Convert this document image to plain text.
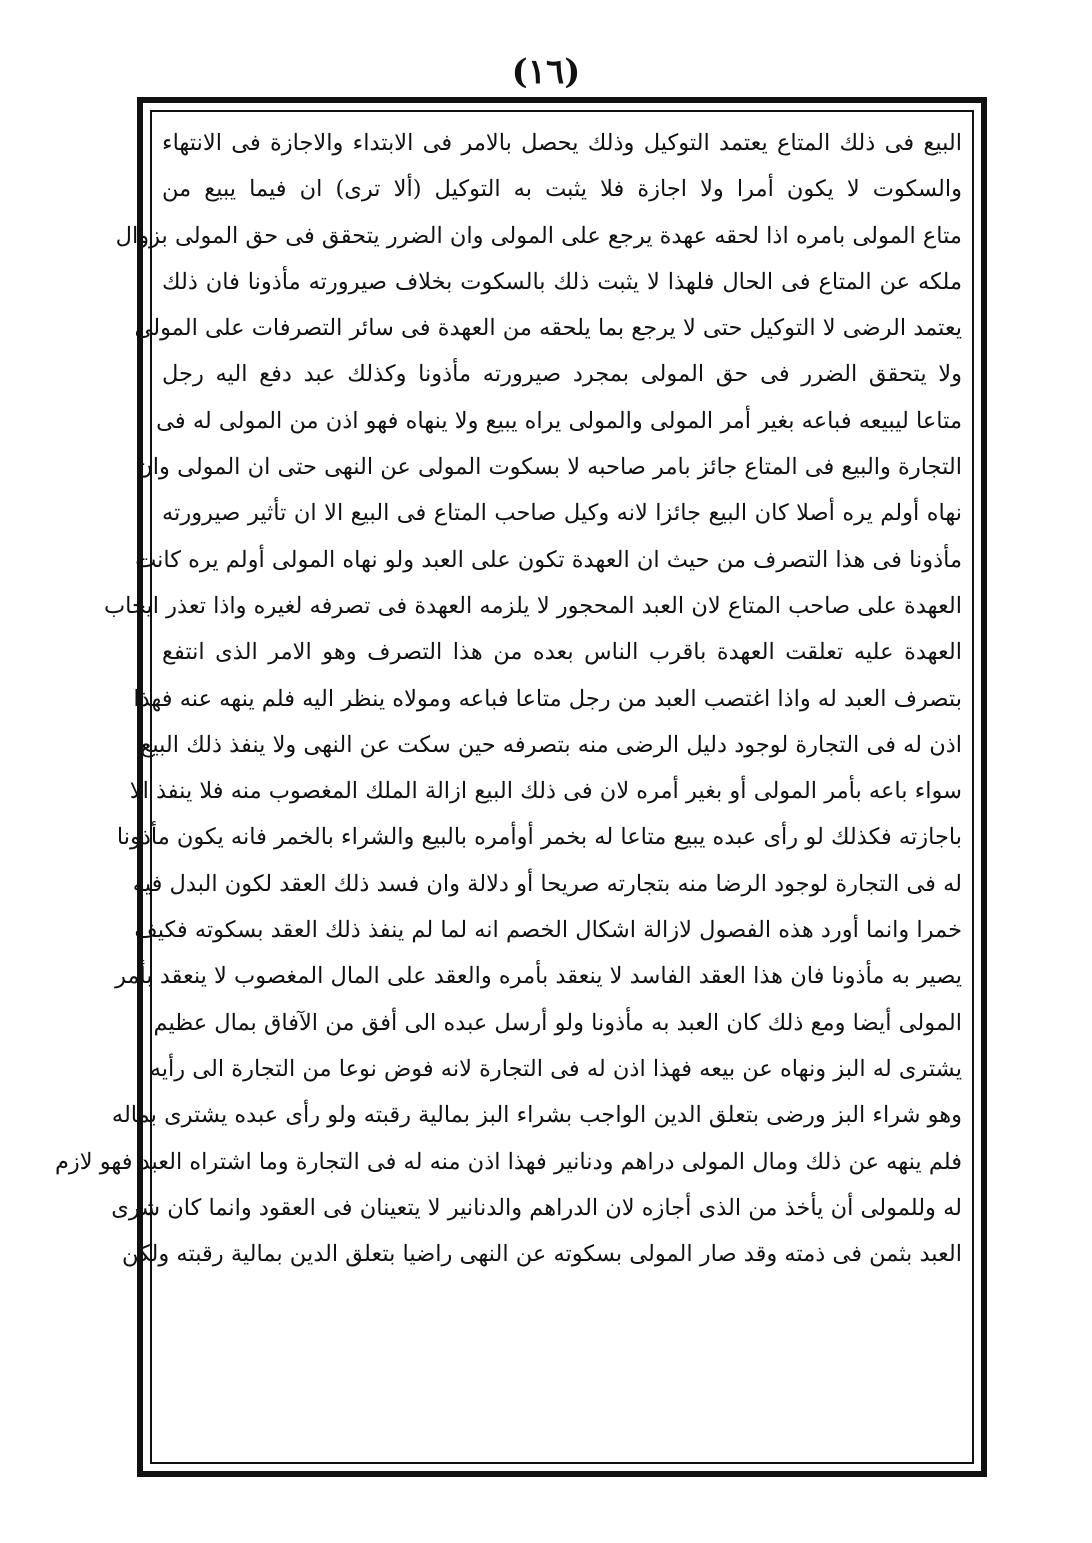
(١٦)
البيع فى ذلك المتاع يعتمد التوكيل وذلك يحصل بالامر فى الابتداء والاجازة فى الانتهاء
والسكوت لا يكون أمرا ولا اجازة فلا يثبت به التوكيل (ألا ترى) ان فيما يبيع من
متاع المولى بامره اذا لحقه عهدة يرجع على المولى وان الضرر يتحقق فى حق المولى بزوال
ملكه عن المتاع فى الحال فلهذا لا يثبت ذلك بالسكوت بخلاف صيرورته مأذونا فان ذلك
يعتمد الرضى لا التوكيل حتى لا يرجع بما يلحقه من العهدة فى سائر التصرفات على المولى
ولا يتحقق الضرر فى حق المولى بمجرد صيرورته مأذونا وكذلك عبد دفع اليه رجل
متاعا ليبيعه فباعه بغير أمر المولى والمولى يراه يبيع ولا ينهاه فهو اذن من المولى له فى
التجارة والبيع فى المتاع جائز بامر صاحبه لا بسكوت المولى عن النهى حتى ان المولى وان
نهاه أولم يره أصلا كان البيع جائزا لانه وكيل صاحب المتاع فى البيع الا ان تأثير صيرورته
مأذونا فى هذا التصرف من حيث ان العهدة تكون على العبد ولو نهاه المولى أولم يره كانت
العهدة على صاحب المتاع لان العبد المحجور لا يلزمه العهدة فى تصرفه لغيره واذا تعذر ايجاب
العهدة عليه تعلقت العهدة باقرب الناس بعده من هذا التصرف وهو الامر الذى انتفع
بتصرف العبد له واذا اغتصب العبد من رجل متاعا فباعه ومولاه ينظر اليه فلم ينهه عنه فهذا
اذن له فى التجارة لوجود دليل الرضى منه بتصرفه حين سكت عن النهى ولا ينفذ ذلك البيع
سواء باعه بأمر المولى أو بغير أمره لان فى ذلك البيع ازالة الملك المغصوب منه فلا ينفذ الا
باجازته فكذلك لو رأى عبده يبيع متاعا له بخمر أوأمره بالبيع والشراء بالخمر فانه يكون مأذونا
له فى التجارة لوجود الرضا منه بتجارته صريحا أو دلالة وان فسد ذلك العقد لكون البدل فيه
خمرا وانما أورد هذه الفصول لازالة اشكال الخصم انه لما لم ينفذ ذلك العقد بسكوته فكيف
يصير به مأذونا فان هذا العقد الفاسد لا ينعقد بأمره والعقد على المال المغصوب لا ينعقد بأمر
المولى أيضا ومع ذلك كان العبد به مأذونا ولو أرسل عبده الى أفق من الآفاق بمال عظيم
يشترى له البز ونهاه عن بيعه فهذا اذن له فى التجارة لانه فوض نوعا من التجارة الى رأيه
وهو شراء البز ورضى بتعلق الدين الواجب بشراء البز بمالية رقبته ولو رأى عبده يشترى بماله
فلم ينهه عن ذلك ومال المولى دراهم ودنانير فهذا اذن منه له فى التجارة وما اشتراه العبد فهو لازم
له وللمولى أن يأخذ من الذى أجازه لان الدراهم والدنانير لا يتعينان فى العقود وانما كان شرى
العبد بثمن فى ذمته وقد صار المولى بسكوته عن النهى راضيا بتعلق الدين بمالية رقبته ولكن
